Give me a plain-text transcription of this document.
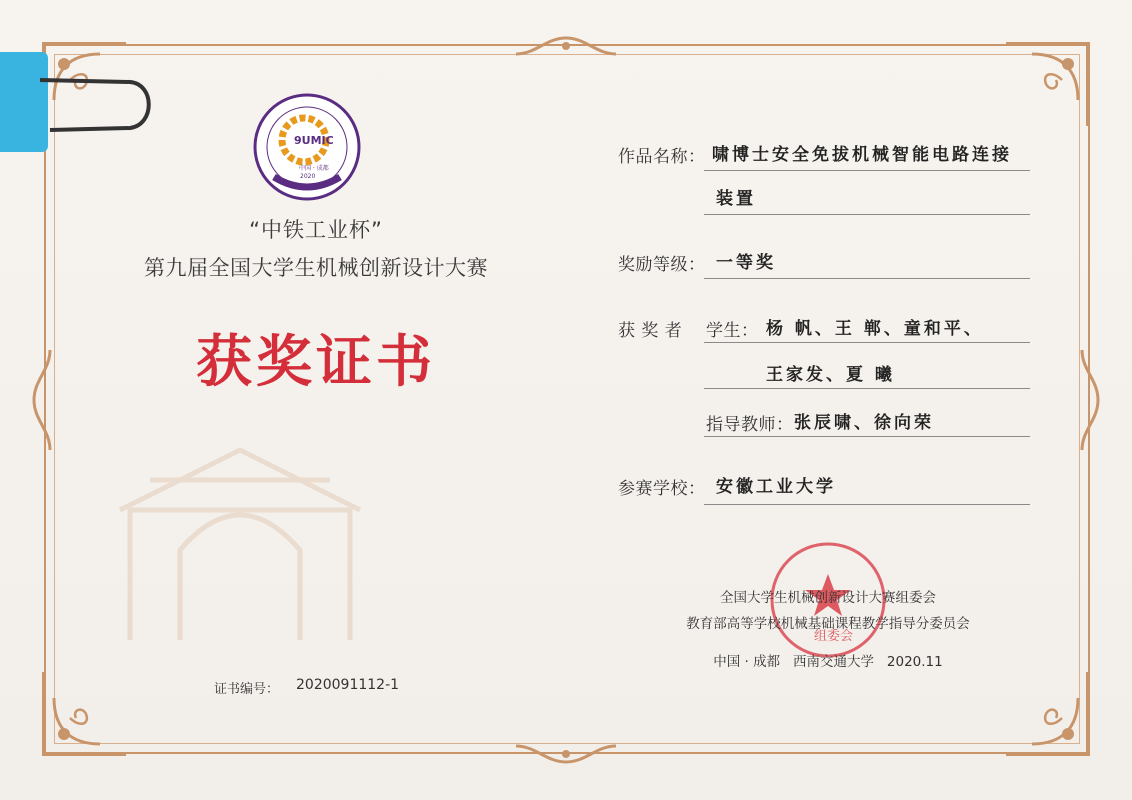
9UMIC
中国 · 成都
2020
“中铁工业杯”
第九届全国大学生机械创新设计大赛
获奖证书
证书编号： 2020091112-1
作品名称： 啸博士安全免拔机械智能电路连接
装置
奖励等级： 一等奖
获 奖 者 学生： 杨 帆、王 郸、童和平、
王家发、夏 曦
指导教师： 张辰啸、徐向荣
参赛学校： 安徽工业大学
组委会
全国大学生机械创新设计大赛组委会
教育部高等学校机械基础课程教学指导分委员会
中国 · 成都 西南交通大学 2020.11
